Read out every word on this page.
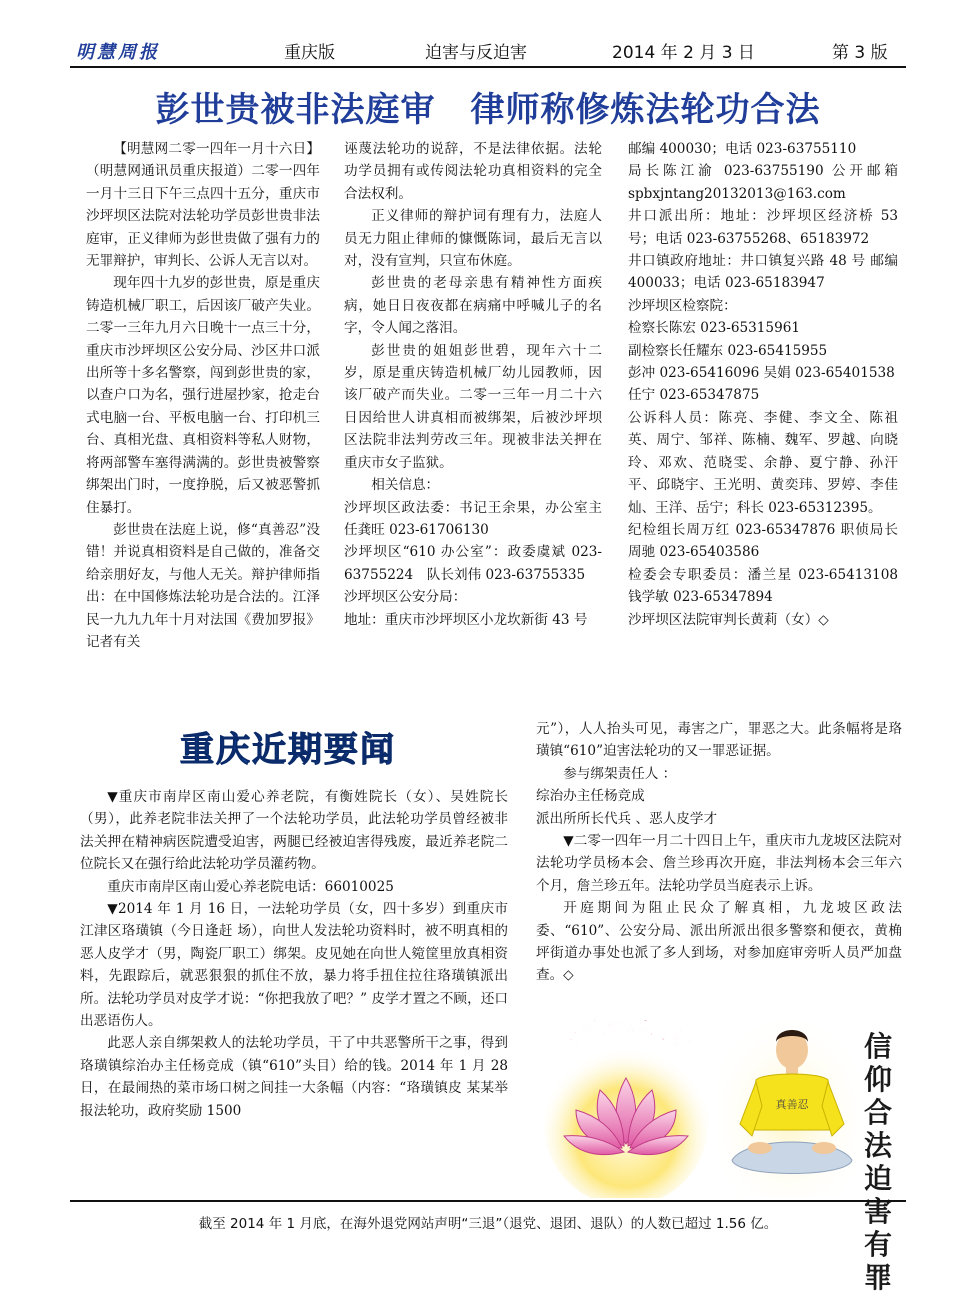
明慧周报	重庆版	迫害与反迫害	2014 年 2 月 3 日	第 3 版
彭世贵被非法庭审　律师称修炼法轮功合法

【明慧网二零一四年一月十六日】（明慧网通讯员重庆报道）二零一四年一月十三日下午三点四十五分，重庆市沙坪坝区法院对法轮功学员彭世贵非法庭审，正义律师为彭世贵做了强有力的无罪辩护，审判长、公诉人无言以对。

现年四十九岁的彭世贵，原是重庆铸造机械厂职工，后因该厂破产失业。二零一三年九月六日晚十一点三十分，重庆市沙坪坝区公安分局、沙区井口派出所等十多名警察，闯到彭世贵的家，以查户口为名，强行进屋抄家，抢走台式电脑一台、平板电脑一台、打印机三台、真相光盘、真相资料等私人财物，将两部警车塞得满满的。彭世贵被警察绑架出门时，一度挣脱，后又被恶警抓住暴打。

彭世贵在法庭上说，修“真善忍”没错！并说真相资料是自己做的，准备交给亲朋好友，与他人无关。辩护律师指出：在中国修炼法轮功是合法的。江泽民一九九九年十月对法国《费加罗报》记者有关

诬蔑法轮功的说辞，不是法律依据。法轮功学员拥有或传阅法轮功真相资料的完全合法权利。

正义律师的辩护词有理有力，法庭人员无力阻止律师的慷慨陈词，最后无言以对，没有宣判，只宣布休庭。

彭世贵的老母亲患有精神性方面疾病，她日日夜夜都在病痛中呼喊儿子的名字，令人闻之落泪。

彭世贵的姐姐彭世碧，现年六十二岁，原是重庆铸造机械厂幼儿园教师，因该厂破产而失业。二零一三年一月二十六日因给世人讲真相而被绑架，后被沙坪坝区法院非法判劳改三年。现被非法关押在重庆市女子监狱。

相关信息：

沙坪坝区政法委：书记王余果，办公室主任龚旺 023-61706130

沙坪坝区“610 办公室”：政委虞斌 023-63755224　队长刘伟 023-63755335

沙坪坝区公安分局：

地址：重庆市沙坪坝区小龙坎新街 43 号

邮编 400030；电话 023-63755110

局长陈江渝 023-63755190 公开邮箱 spbxjntang20132013@163.com

井口派出所：地址：沙坪坝区经济桥 53 号；电话 023-63755268、65183972

井口镇政府地址：井口镇复兴路 48 号 邮编 400033；电话 023-65183947

沙坪坝区检察院：

检察长陈宏 023-65315961

副检察长任耀东 023-65415955

彭冲 023-65416096 吴娟 023-65401538

任宁 023-65347875

公诉科人员：陈亮、李健、李文全、陈祖英、周宁、邹祥、陈楠、魏军、罗越、向晓玲、邓欢、范晓雯、余静、夏宁静、孙汗平、邱晓宇、王光明、黄奕玮、罗婷、李佳灿、王洋、岳宁；科长 023-65312395。

纪检组长周万红 023-65347876 职侦局长周驰 023-65403586

检委会专职委员：潘兰星 023-65413108 钱学敏 023-65347894

沙坪坝区法院审判长黄莉（女）◇

重庆近期要闻

▼重庆市南岸区南山爱心养老院，有衡姓院长（女）、吴姓院长（男），此养老院非法关押了一个法轮功学员，此法轮功学员曾经被非法关押在精神病医院遭受迫害，两腿已经被迫害得残废，最近养老院二位院长又在强行给此法轮功学员灌药物。

重庆市南岸区南山爱心养老院电话：66010025

▼2014 年 1 月 16 日，一法轮功学员（女，四十多岁）到重庆市江津区珞璜镇（今日逢赶 场），向世人发法轮功资料时，被不明真相的恶人皮学才（男，陶瓷厂职工）绑架。皮见她在向世人箢筐里放真相资料，先跟踪后，就恶狠狠的抓住不放，暴力将手扭住拉往珞璜镇派出所。法轮功学员对皮学才说：“你把我放了吧？” 皮学才置之不顾，还口出恶语伤人。

此恶人亲自绑架救人的法轮功学员，干了中共恶警所干之事，得到珞璜镇综治办主任杨竞成（镇“610”头目）给的钱。2014 年 1 月 28 日，在最闹热的菜市场口树之间挂一大条幅（内容：“珞璜镇皮 某某举报法轮功，政府奖励 1500

元”），人人抬头可见，毒害之广，罪恶之大。此条幅将是珞璜镇“610”迫害法轮功的又一罪恶证据。

参与绑架责任人 ：

综治办主任杨竞成

派出所所长代兵 、恶人皮学才

▼二零一四年一月二十四日上午，重庆市九龙坡区法院对法轮功学员杨本会、詹兰珍再次开庭，非法判杨本会三年六个月，詹兰珍五年。法轮功学员当庭表示上诉。

开庭期间为阻止民众了解真相，九龙坡区政法委、“610”、公安分局、派出所派出很多警察和便衣，黄桷坪街道办事处也派了多人到场，对参加庭审旁听人员严加盘查。◇

呼唤善念良知
真善忍
信
仰
合
法
迫
害
有
罪
截至 2014 年 1 月底，在海外退党网站声明“三退”（退党、退团、退队）的人数已超过 1.56 亿。
